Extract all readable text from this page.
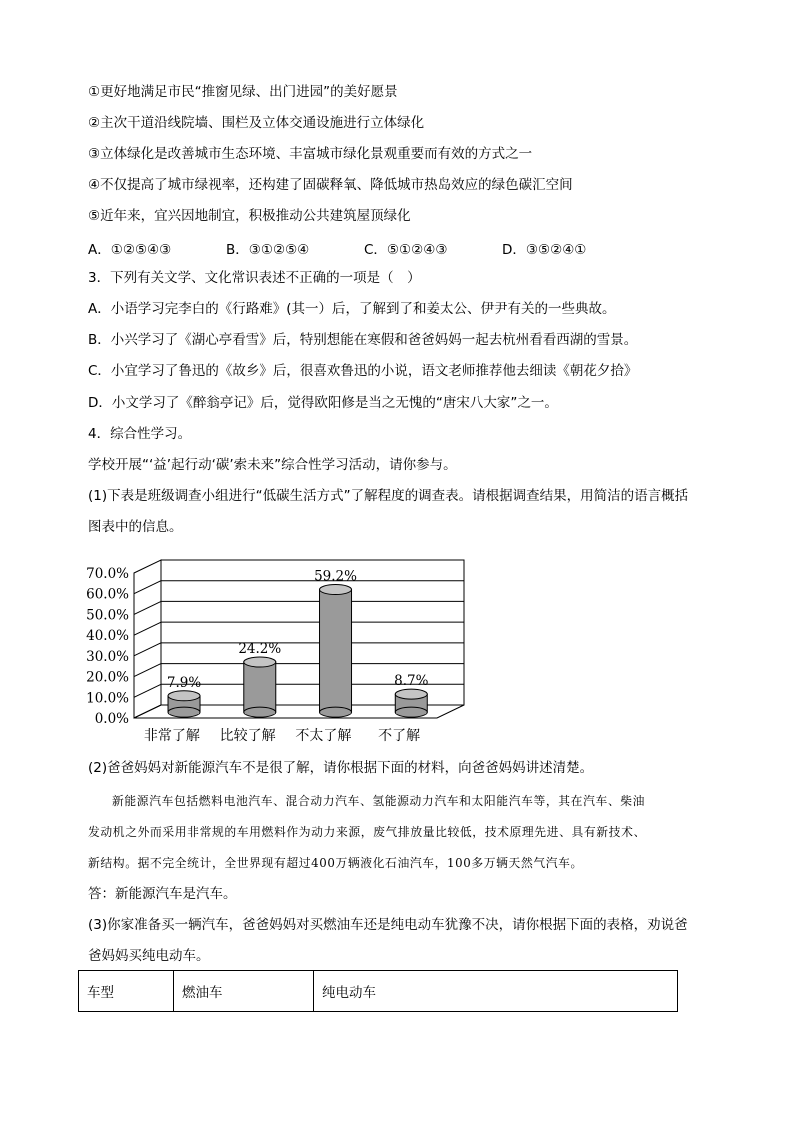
①更好地满足市民“推窗见绿、出门进园”的美好愿景
②主次干道沿线院墙、围栏及立体交通设施进行立体绿化
③立体绿化是改善城市生态环境、丰富城市绿化景观重要而有效的方式之一
④不仅提高了城市绿视率，还构建了固碳释氧、降低城市热岛效应的绿色碳汇空间
⑤近年来，宜兴因地制宜，积极推动公共建筑屋顶绿化
A．①②⑤④③	B．③①②⑤④	C．⑤①②④③	D．③⑤②④①
3．下列有关文学、文化常识表述不正确的一项是（　）
A．小语学习完李白的《行路难》(其一）后，了解到了和姜太公、伊尹有关的一些典故。
B．小兴学习了《湖心亭看雪》后，特别想能在寒假和爸爸妈妈一起去杭州看看西湖的雪景。
C．小宜学习了鲁迅的《故乡》后，很喜欢鲁迅的小说，语文老师推荐他去细读《朝花夕拾》
D．小文学习了《醉翁亭记》后，觉得欧阳修是当之无愧的“唐宋八大家”之一。
4．综合性学习。
学校开展“‘益’起行动‘碳’索未来”综合性学习活动，请你参与。
(1)下表是班级调查小组进行“低碳生活方式”了解程度的调查表。请根据调查结果，用简洁的语言概括
图表中的信息。
0.0%
10.0%
20.0%
30.0%
40.0%
50.0%
60.0%
70.0%
7.9%
非常了解
24.2%
比较了解
59.2%
不太了解
8.7%
不了解
(2)爸爸妈妈对新能源汽车不是很了解，请你根据下面的材料，向爸爸妈妈讲述清楚。

新能源汽车包括燃料电池汽车、混合动力汽车、氢能源动力汽车和太阳能汽车等，其在汽车、柴油

发动机之外而采用非常规的车用燃料作为动力来源，废气排放量比较低，技术原理先进、具有新技术、
新结构。据不完全统计，全世界现有超过400万辆液化石油汽车，100多万辆天然气汽车。
答：新能源汽车是汽车。
(3)你家准备买一辆汽车，爸爸妈妈对买燃油车还是纯电动车犹豫不决，请你根据下面的表格，劝说爸
爸妈妈买纯电动车。
车型	燃油车	纯电动车
